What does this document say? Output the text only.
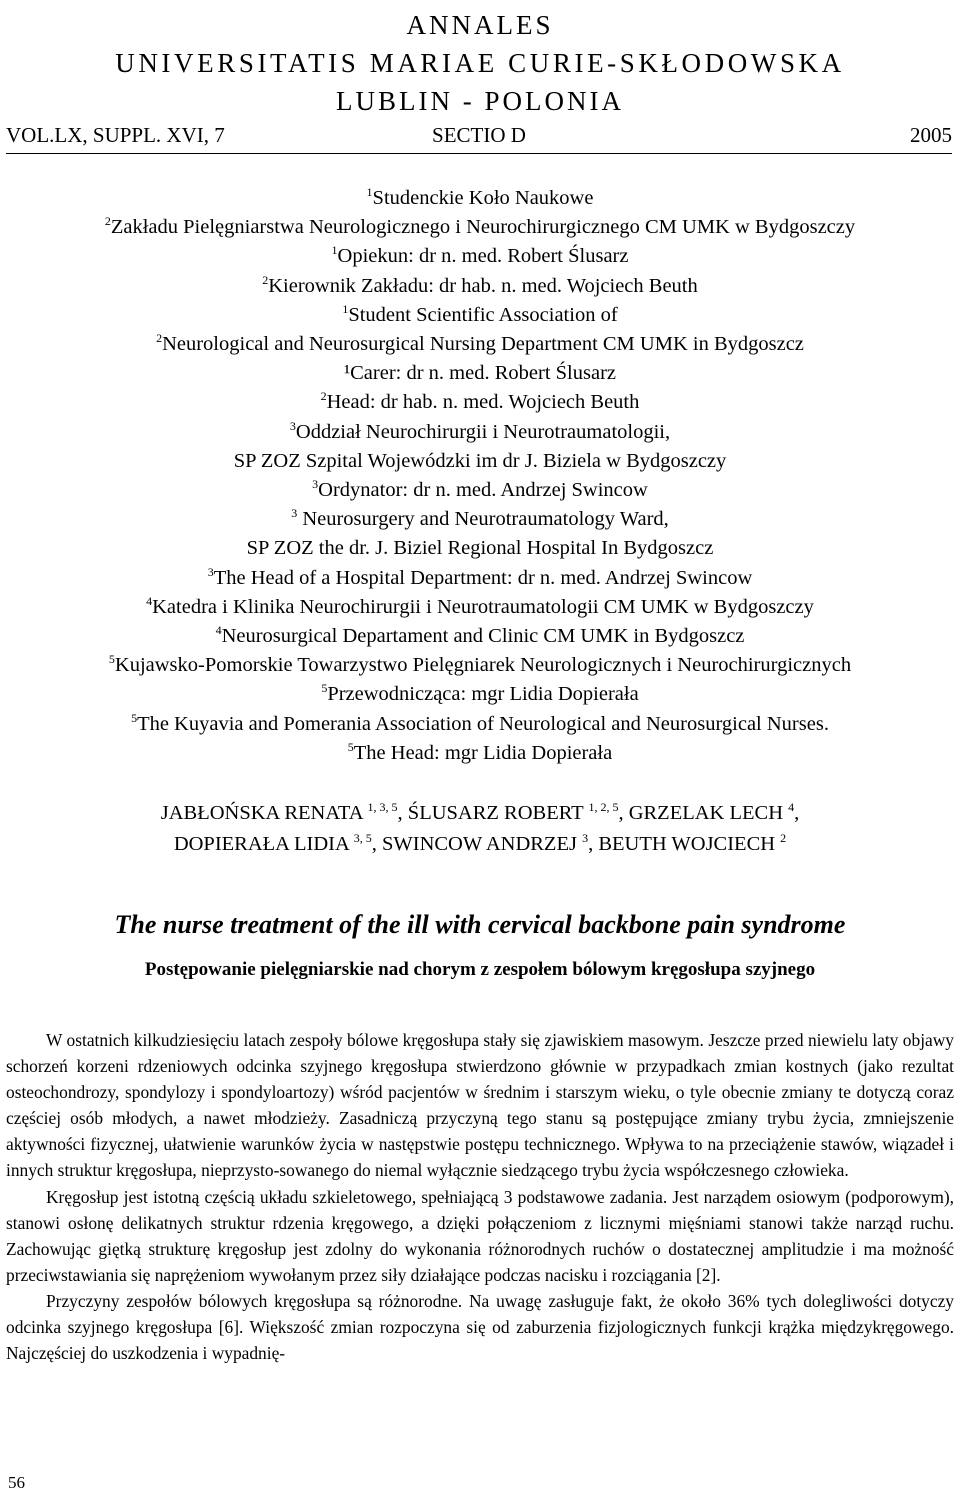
ANNALES
UNIVERSITATIS MARIAE CURIE-SKŁODOWSKA
LUBLIN - POLONIA
SECTIO D
VOL.LX, SUPPL. XVI, 7	2005
$^1$Studenckie Koło Naukowe
$^2$Zakładu Pielęgniarstwa Neurologicznego i Neurochirurgicznego CM UMK w Bydgoszczy
$^1$Opiekun: dr n. med. Robert Ślusarz
$^2$Kierownik Zakładu: dr hab. n. med. Wojciech Beuth
$^1$Student Scientific Association of
$^2$Neurological and Neurosurgical Nursing Department CM UMK in Bydgoszcz
¹Carer: dr n. med. Robert Ślusarz
$^2$Head: dr hab. n. med. Wojciech Beuth
$^3$Oddział Neurochirurgii i Neurotraumatologii,
SP ZOZ Szpital Wojewódzki im dr J. Biziela w Bydgoszczy
$^3$Ordynator: dr n. med. Andrzej Swincow
$^3$ Neurosurgery and Neurotraumatology Ward,
SP ZOZ the dr. J. Biziel Regional Hospital In Bydgoszcz
$^3$The Head of a Hospital Department: dr n. med. Andrzej Swincow
$^4$Katedra i Klinika Neurochirurgii i Neurotraumatologii CM UMK w Bydgoszczy
$^4$Neurosurgical Departament and Clinic CM UMK in Bydgoszcz
$^5$Kujawsko-Pomorskie Towarzystwo Pielęgniarek Neurologicznych i Neurochirurgicznych
$^5$Przewodnicząca: mgr Lidia Dopierała
$^5$The Kuyavia and Pomerania Association of Neurological and Neurosurgical Nurses.
$^5$The Head: mgr Lidia Dopierała
JABŁOŃSKA RENATA $^{1, 3, 5}$, ŚLUSARZ ROBERT $^{1, 2, 5}$, GRZELAK LECH $^4$,
DOPIERAŁA LIDIA $^{3, 5}$, SWINCOW ANDRZEJ $^3$, BEUTH WOJCIECH $^2$
The nurse treatment of the ill with cervical backbone pain syndrome
Postępowanie pielęgniarskie nad chorym z zespołem bólowym kręgosłupa szyjnego

W ostatnich kilkudziesięciu latach zespoły bólowe kręgosłupa stały się zjawiskiem masowym. Jeszcze przed niewielu laty objawy schorzeń korzeni rdzeniowych odcinka szyjnego kręgosłupa stwierdzono głównie w przypadkach zmian kostnych (jako rezultat osteochondrozy, spondylozy i spondyloartozy) wśród pacjentów w średnim i starszym wieku, o tyle obecnie zmiany te dotyczą coraz częściej osób młodych, a nawet młodzieży. Zasadniczą przyczyną tego stanu są postępujące zmiany trybu życia, zmniejszenie aktywności fizycznej, ułatwienie warunków życia w następstwie postępu technicznego. Wpływa to na przeciążenie stawów, wiązadeł i innych struktur kręgosłupa, nieprzysto-sowanego do niemal wyłącznie siedzącego trybu życia współczesnego człowieka.

Kręgosłup jest istotną częścią układu szkieletowego, spełniającą 3 podstawowe zadania. Jest narządem osiowym (podporowym), stanowi osłonę delikatnych struktur rdzenia kręgowego, a dzięki połączeniom z licznymi mięśniami stanowi także narząd ruchu. Zachowując giętką strukturę kręgosłup jest zdolny do wykonania różnorodnych ruchów o dostatecznej amplitudzie i ma możność przeciwstawiania się naprężeniom wywołanym przez siły działające podczas nacisku i rozciągania [2].

Przyczyny zespołów bólowych kręgosłupa są różnorodne. Na uwagę zasługuje fakt, że około 36% tych dolegliwości dotyczy odcinka szyjnego kręgosłupa [6]. Większość zmian rozpoczyna się od zaburzenia fizjologicznych funkcji krążka międzykręgowego. Najczęściej do uszkodzenia i wypadnię-

56
